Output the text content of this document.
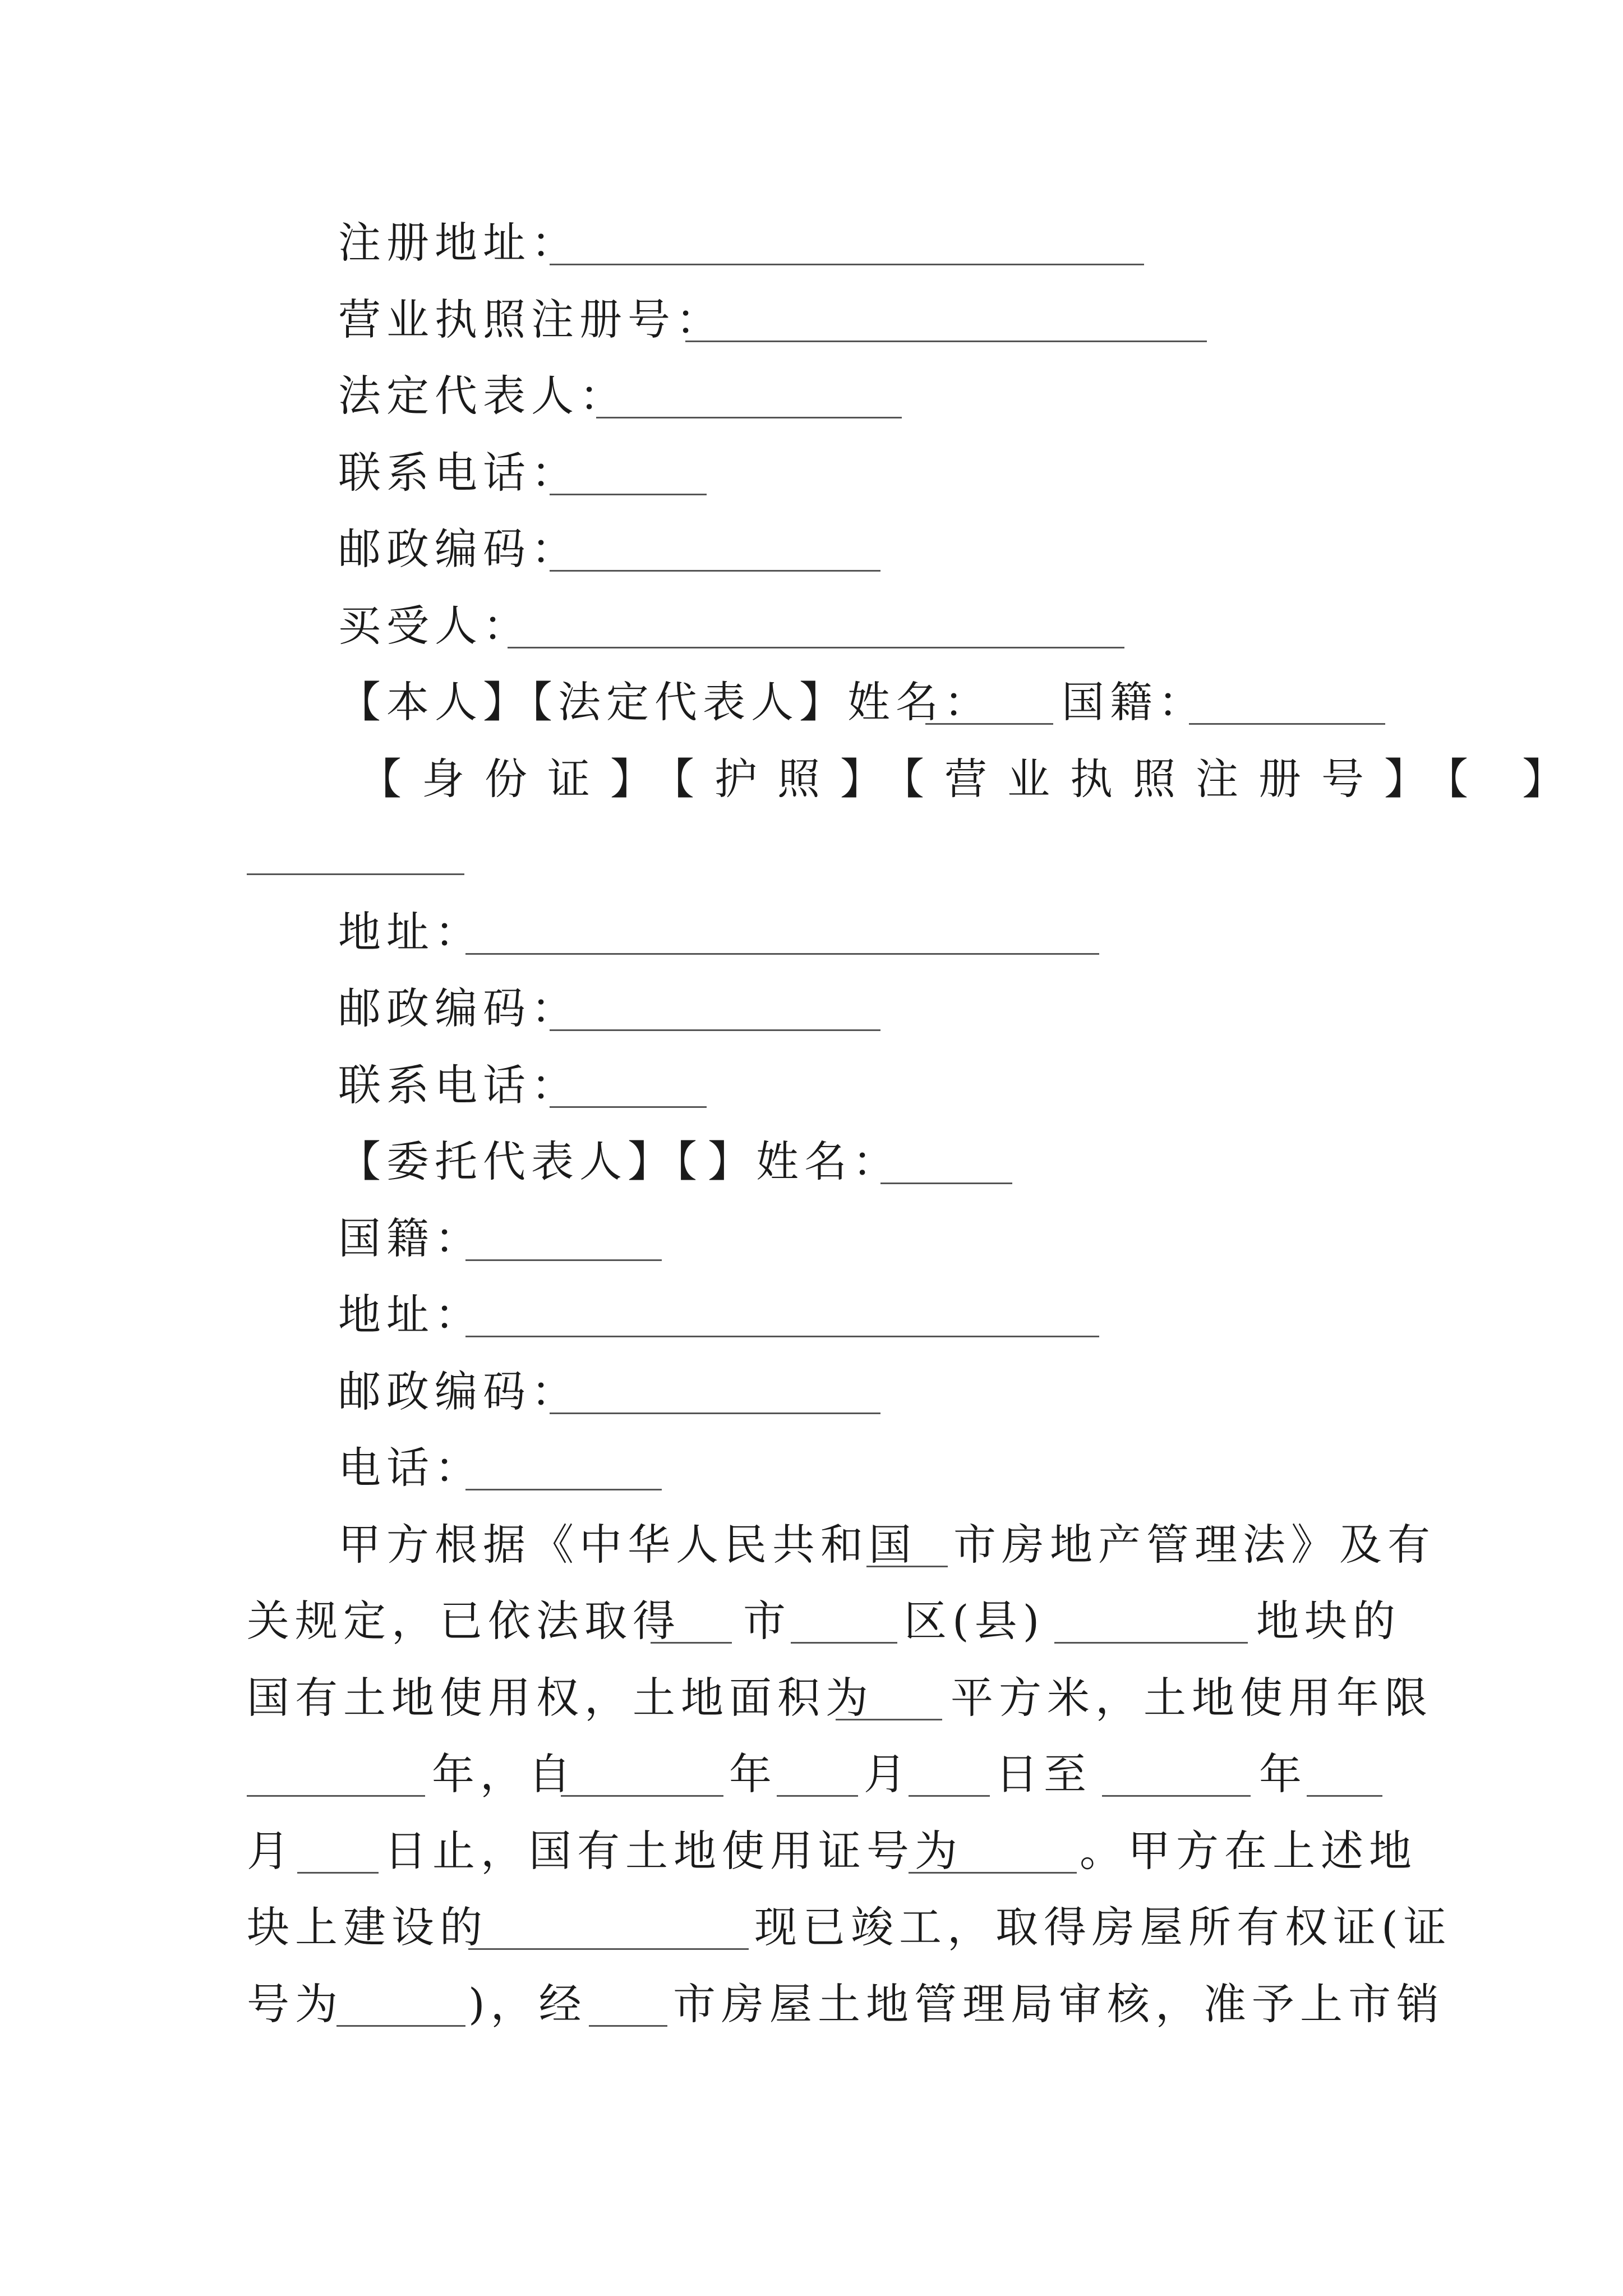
注册地址：
营业执照注册号：
法定代表人：
联系电话：
邮政编码：
买受人：
【本人】【法定代表人】姓名： 国籍：
【身份证】【护照】【营业执照注册号】【 】
地址：
邮政编码：
联系电话：
【委托代表人】【 】姓名：
国籍：
地址：
邮政编码：
电话：
甲方根据《中华人民共和国 市房地产管理法》及有
关规定，已依法取得 市	区(县)	地块的
国有土地使用权，土地面积为 平方米，土地使用年限
年，自	年 月 日至	年
月 日止，国有土地使用证号为	。甲方在上述地
块上建设的	现已竣工，取得房屋所有权证(证
号为	)，经 市房屋土地管理局审核，准予上市销
